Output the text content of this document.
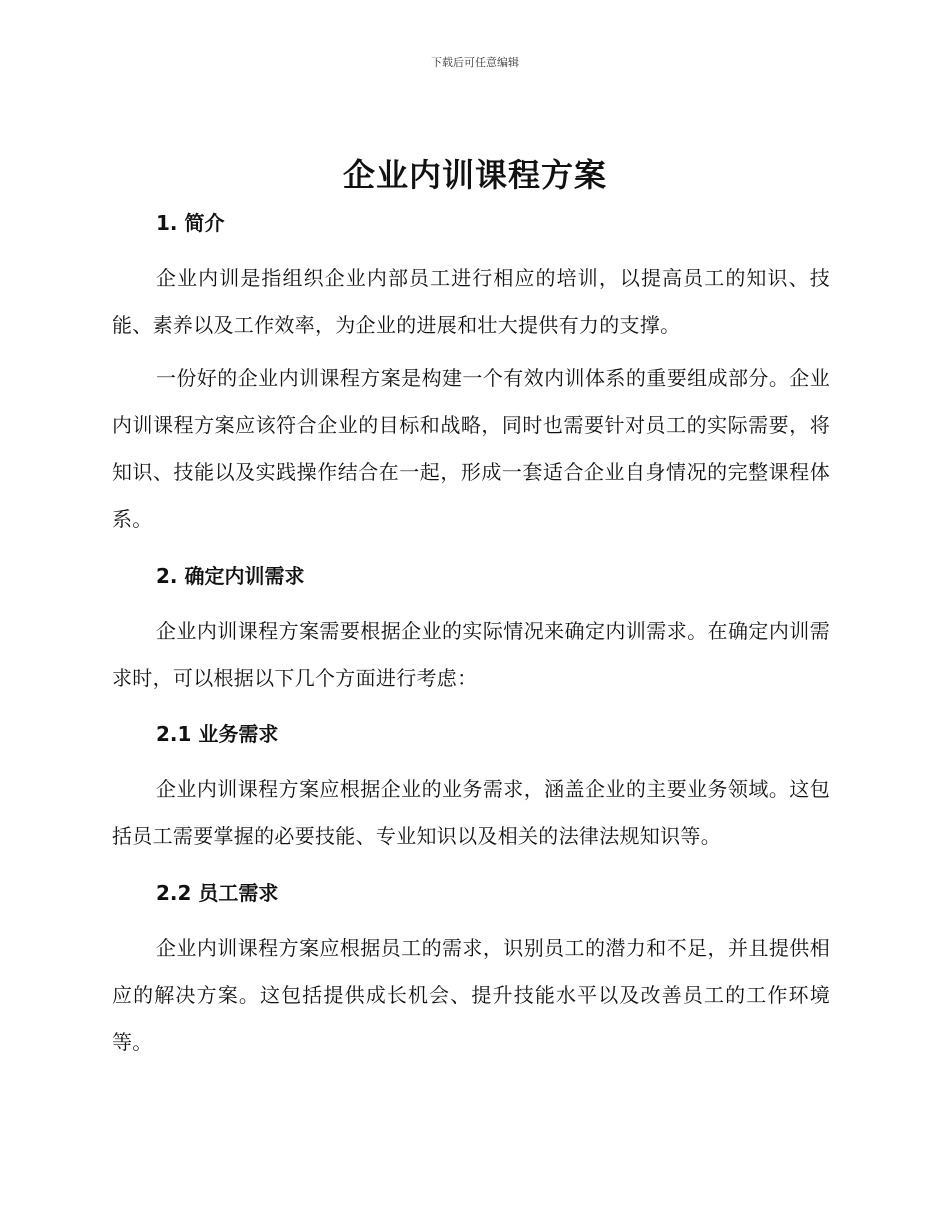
下载后可任意编辑
企业内训课程方案
1. 简介

企业内训是指组织企业内部员工进行相应的培训，以提高员工的知识、技能、素养以及工作效率，为企业的进展和壮大提供有力的支撑。

一份好的企业内训课程方案是构建一个有效内训体系的重要组成部分。企业内训课程方案应该符合企业的目标和战略，同时也需要针对员工的实际需要，将知识、技能以及实践操作结合在一起，形成一套适合企业自身情况的完整课程体系。

2. 确定内训需求

企业内训课程方案需要根据企业的实际情况来确定内训需求。在确定内训需求时，可以根据以下几个方面进行考虑：

2.1 业务需求

企业内训课程方案应根据企业的业务需求，涵盖企业的主要业务领域。这包括员工需要掌握的必要技能、专业知识以及相关的法律法规知识等。

2.2 员工需求

企业内训课程方案应根据员工的需求，识别员工的潜力和不足，并且提供相应的解决方案。这包括提供成长机会、提升技能水平以及改善员工的工作环境等。
